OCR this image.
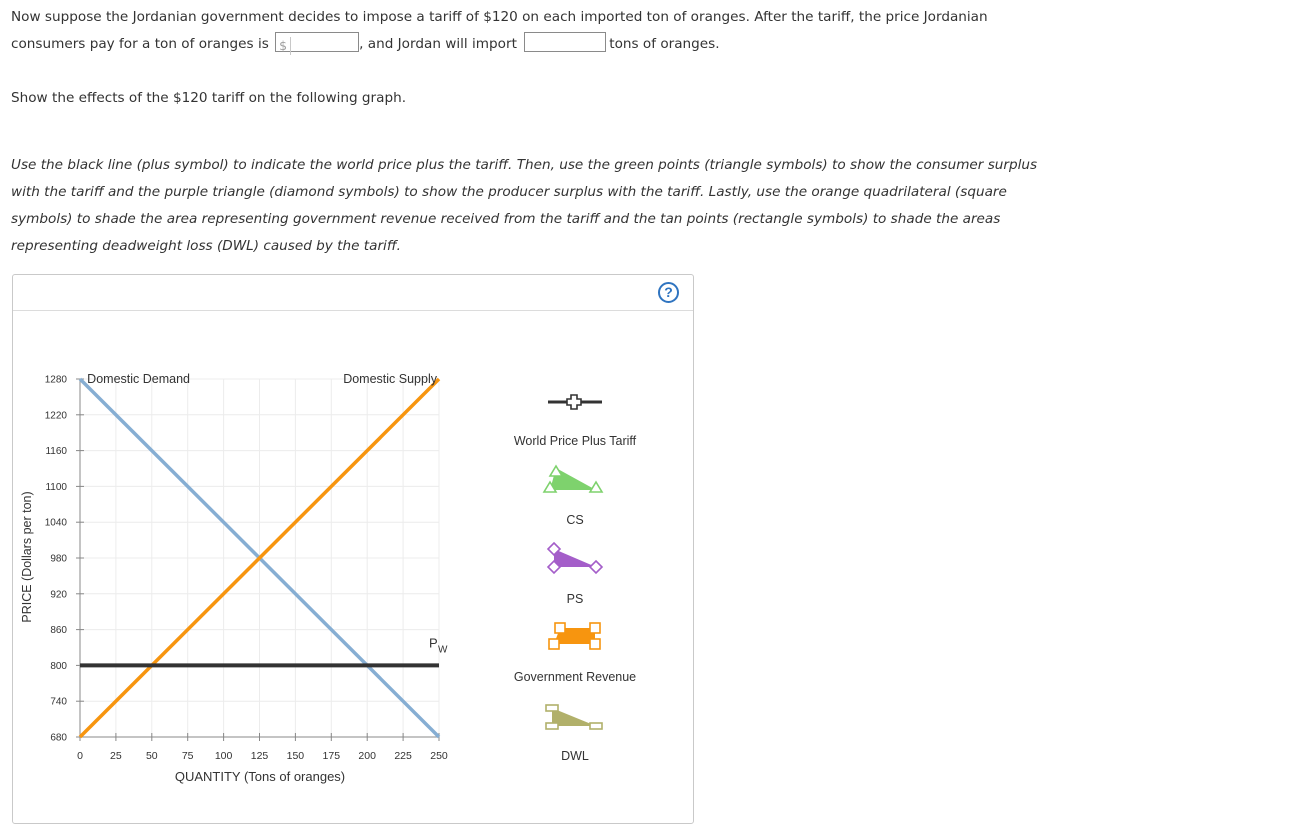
Now suppose the Jordanian government decides to impose a tariff of $120 on each imported ton of oranges. After the tariff, the price Jordanian
consumers pay for a ton of oranges is $	, and Jordan will import	tons of oranges.
Show the effects of the $120 tariff on the following graph.
Use the black line (plus symbol) to indicate the world price plus the tariff. Then, use the green points (triangle symbols) to show the consumer surplus
with the tariff and the purple triangle (diamond symbols) to show the producer surplus with the tariff. Lastly, use the orange quadrilateral (square
symbols) to shade the area representing government revenue received from the tariff and the tan points (rectangle symbols) to shade the areas
representing deadweight loss (DWL) caused by the tariff.
?
0	25 50 75 100 125 150 175 200 225 250
680
740
800
860
920
980
1040
1100
1160
1220
1280 Domestic Demand	Domestic Supply
P W
World Price Plus Tariff
CS
PS
Government Revenue
DWL
PRICE (Dollars per ton)
QUANTITY (Tons of oranges)
